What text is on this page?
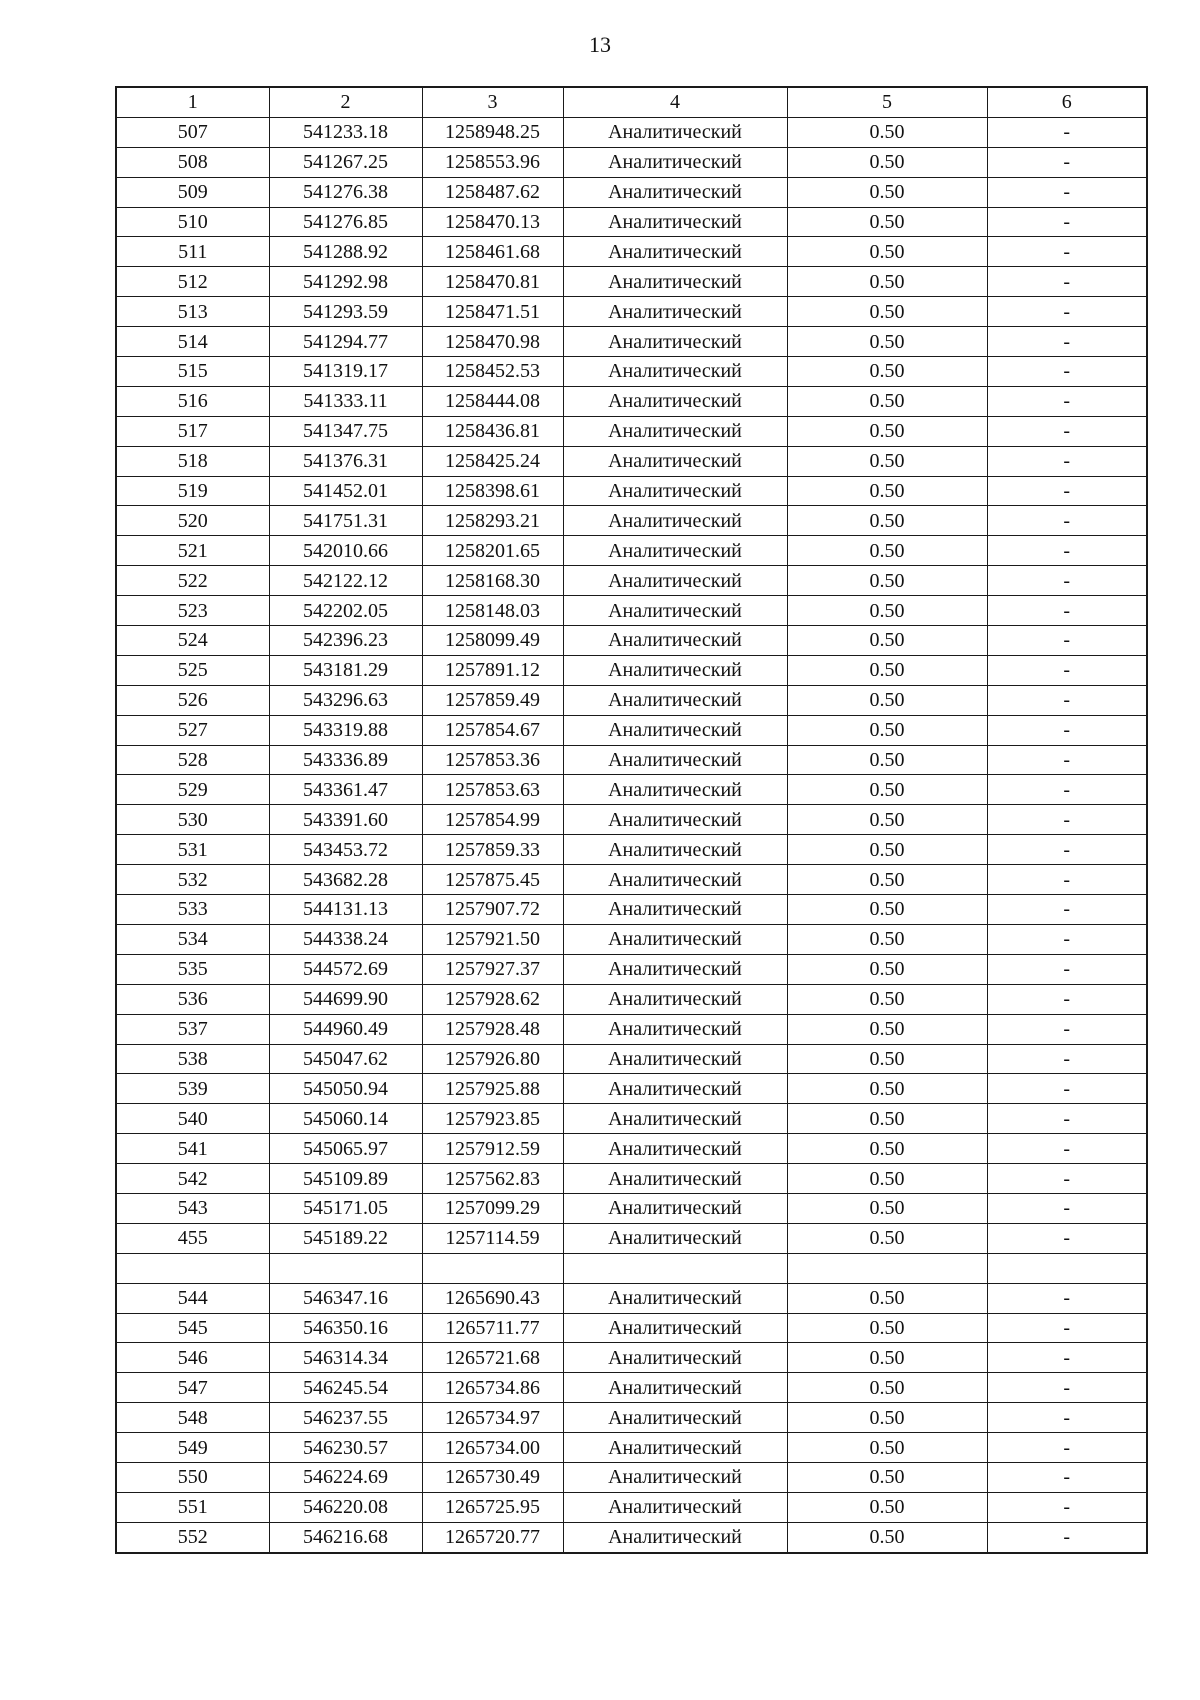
13
1	2	3	4	5	6
507	541233.18	1258948.25	Аналитический	0.50	-
508	541267.25	1258553.96	Аналитический	0.50	-
509	541276.38	1258487.62	Аналитический	0.50	-
510	541276.85	1258470.13	Аналитический	0.50	-
511	541288.92	1258461.68	Аналитический	0.50	-
512	541292.98	1258470.81	Аналитический	0.50	-
513	541293.59	1258471.51	Аналитический	0.50	-
514	541294.77	1258470.98	Аналитический	0.50	-
515	541319.17	1258452.53	Аналитический	0.50	-
516	541333.11	1258444.08	Аналитический	0.50	-
517	541347.75	1258436.81	Аналитический	0.50	-
518	541376.31	1258425.24	Аналитический	0.50	-
519	541452.01	1258398.61	Аналитический	0.50	-
520	541751.31	1258293.21	Аналитический	0.50	-
521	542010.66	1258201.65	Аналитический	0.50	-
522	542122.12	1258168.30	Аналитический	0.50	-
523	542202.05	1258148.03	Аналитический	0.50	-
524	542396.23	1258099.49	Аналитический	0.50	-
525	543181.29	1257891.12	Аналитический	0.50	-
526	543296.63	1257859.49	Аналитический	0.50	-
527	543319.88	1257854.67	Аналитический	0.50	-
528	543336.89	1257853.36	Аналитический	0.50	-
529	543361.47	1257853.63	Аналитический	0.50	-
530	543391.60	1257854.99	Аналитический	0.50	-
531	543453.72	1257859.33	Аналитический	0.50	-
532	543682.28	1257875.45	Аналитический	0.50	-
533	544131.13	1257907.72	Аналитический	0.50	-
534	544338.24	1257921.50	Аналитический	0.50	-
535	544572.69	1257927.37	Аналитический	0.50	-
536	544699.90	1257928.62	Аналитический	0.50	-
537	544960.49	1257928.48	Аналитический	0.50	-
538	545047.62	1257926.80	Аналитический	0.50	-
539	545050.94	1257925.88	Аналитический	0.50	-
540	545060.14	1257923.85	Аналитический	0.50	-
541	545065.97	1257912.59	Аналитический	0.50	-
542	545109.89	1257562.83	Аналитический	0.50	-
543	545171.05	1257099.29	Аналитический	0.50	-
455	545189.22	1257114.59	Аналитический	0.50	-

544	546347.16	1265690.43	Аналитический	0.50	-
545	546350.16	1265711.77	Аналитический	0.50	-
546	546314.34	1265721.68	Аналитический	0.50	-
547	546245.54	1265734.86	Аналитический	0.50	-
548	546237.55	1265734.97	Аналитический	0.50	-
549	546230.57	1265734.00	Аналитический	0.50	-
550	546224.69	1265730.49	Аналитический	0.50	-
551	546220.08	1265725.95	Аналитический	0.50	-
552	546216.68	1265720.77	Аналитический	0.50	-
